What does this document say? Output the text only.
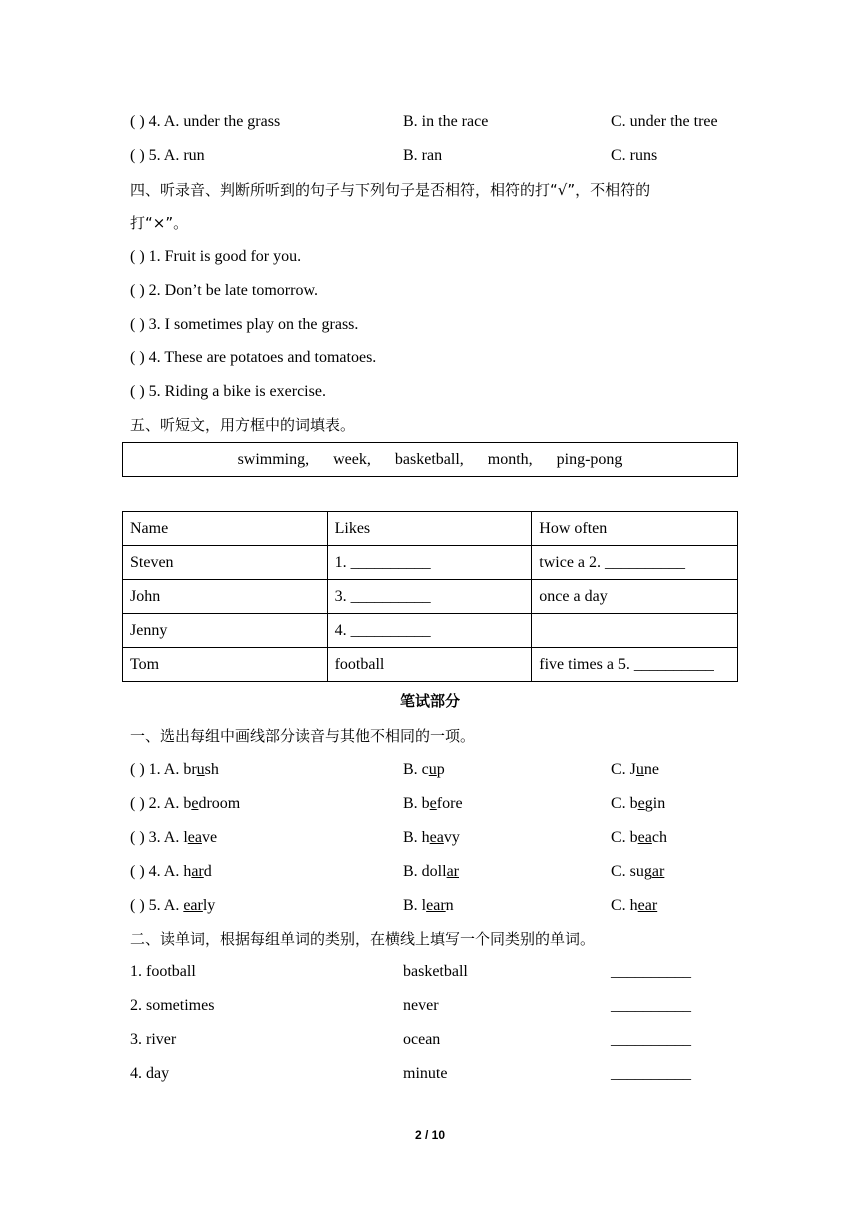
( ) 4. A. under the grass	B. in the race	C. under the tree
( ) 5. A. run	B. ran	C. runs
四、听录音、判断所听到的句子与下列句子是否相符，相符的打“√”，不相符的
打“×”。
( ) 1. Fruit is good for you.
( ) 2. Don’t be late tomorrow.
( ) 3. I sometimes play on the grass.
( ) 4. These are potatoes and tomatoes.
( ) 5. Riding a bike is exercise.
五、听短文，用方框中的词填表。
swimming, week, basketball, month, ping-pong
Name	Likes	How often
Steven	1. __________	twice a 2. __________
John	3. __________	once a day
Jenny	4. __________	
Tom	football	five times a 5. __________
笔试部分
一、选出每组中画线部分读音与其他不相同的一项。
( ) 1. A. brush	B. cup	C. June
( ) 2. A. bedroom	B. before	C. begin
( ) 3. A. leave	B. heavy	C. beach
( ) 4. A. hard	B. dollar	C. sugar
( ) 5. A. early	B. learn	C. hear
二、读单词，根据每组单词的类别，在横线上填写一个同类别的单词。
1. football	basketball	__________
2. sometimes	never	__________
3. river	ocean	__________
4. day	minute	__________
2 / 10
